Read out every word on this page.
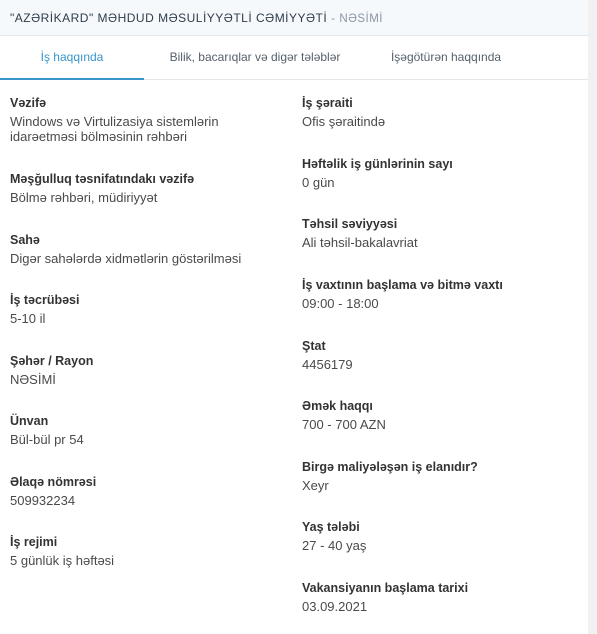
"AZƏRİKARD" MƏHDUD MƏSULİYYƏTLİ CƏMİYYƏTİ - NƏSİMİ
İş haqqında	Bilik, bacarıqlar və digər tələblər	İşəgötürən haqqında
Vəzifə
Windows və Virtulizasiya sistemlərin idarəetməsi bölməsinin rəhbəri
Məşğulluq təsnifatındakı vəzifə
Bölmə rəhbəri, müdiriyyət
Sahə
Digər sahələrdə xidmətlərin göstərilməsi
İş təcrübəsi
5-10 il
Şəhər / Rayon
NƏSİMİ
Ünvan
Bül-bül pr 54
Əlaqə nömrəsi
509932234
İş rejimi
5 günlük iş həftəsi
İş şəraiti
Ofis şəraitində
Həftəlik iş günlərinin sayı
0 gün
Təhsil səviyyəsi
Ali təhsil-bakalavriat
İş vaxtının başlama və bitmə vaxtı
09:00 - 18:00
Ştat
4456179
Əmək haqqı
700 - 700 AZN
Birgə maliyələşən iş elanıdır?
Xeyr
Yaş tələbi
27 - 40 yaş
Vakansiyanın başlama tarixi
03.09.2021
